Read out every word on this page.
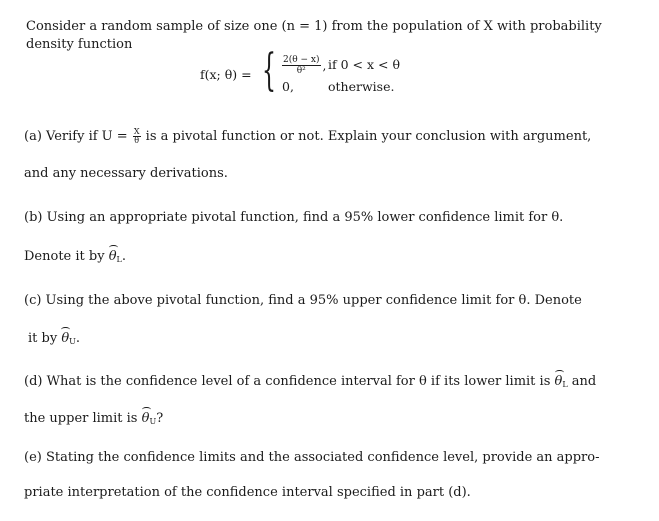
Consider a random sample of size one (n = 1) from the population of X with probability
density function
f(x; θ) = { $\frac{2(\theta - x)}{\text{θ²}}$ , if 0 < x < θ
0,	otherwise.
(a) Verify if $U = \frac{X}{\theta}$ is a pivotal function or not. Explain your conclusion with argument,
and any necessary derivations.
(b) Using an appropriate pivotal function, find a 95% lower confidence limit for θ.
Denote it by $\theta_L$.
(c) Using the above pivotal function, find a 95% upper confidence limit for θ. Denote
it by $\theta_U$.
(d) What is the confidence level of a confidence interval for θ if its lower limit is $\theta_L$ and
the upper limit is $\theta_U$?
(e) Stating the confidence limits and the associated confidence level, provide an appro-
priate interpretation of the confidence interval specified in part (d).
